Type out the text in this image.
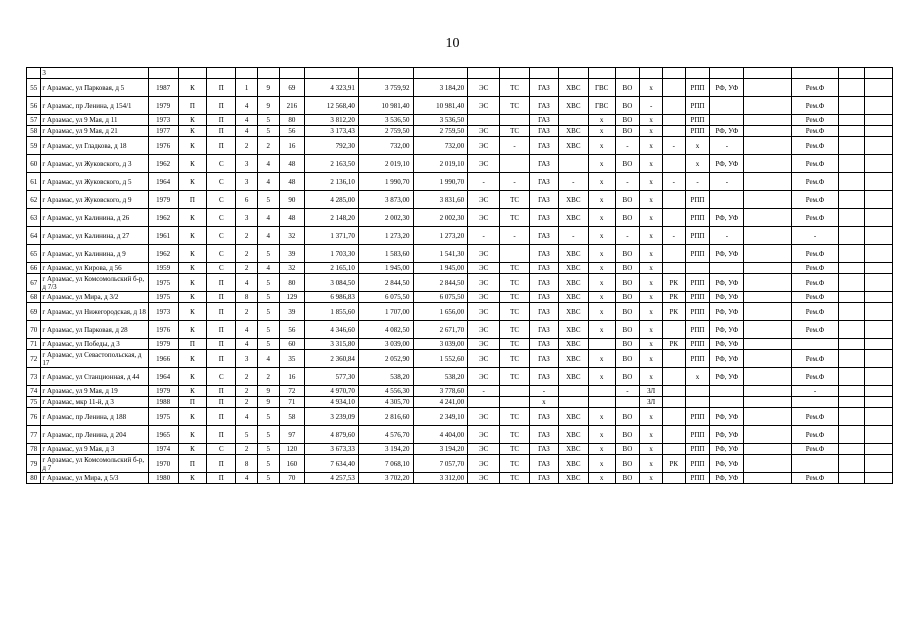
10
	3																							
55	г Арзамас, ул Парковая, д 5	1987	К	П	1	9	69	4 323,91	3 759,92	3 184,20	ЭС	ТС	ГАЗ	ХВС	ГВС	ВО	х		РПП	РФ, УФ		Рем.Ф		
56	г Арзамас, пр Ленина, д 154/1	1979	П	П	4	9	216	12 568,40	10 981,40	10 981,40	ЭС	ТС	ГАЗ	ХВС	ГВС	ВО	-		РПП			Рем.Ф		
57	г Арзамас, ул 9 Мая, д 11	1973	К	П	4	5	80	3 812,20	3 536,50	3 536,50			ГАЗ		х	ВО	х		РПП			Рем.Ф		
58	г Арзамас, ул 9 Мая, д 21	1977	К	П	4	5	56	3 173,43	2 759,50	2 759,50	ЭС	ТС	ГАЗ	ХВС	х	ВО	х		РПП	РФ, УФ		Рем.Ф		
59	г Арзамас, ул Гладкова, д 18	1976	К	П	2	2	16	792,30	732,00	732,00	ЭС	-	ГАЗ	ХВС	х	-	х	-	х	-		Рем.Ф		
60	г Арзамас, ул Жуковского, д 3	1962	К	С	3	4	48	2 163,50	2 019,10	2 019,10	ЭС		ГАЗ		х	ВО	х		х	РФ, УФ		Рем.Ф		
61	г Арзамас, ул Жуковского, д 5	1964	К	С	3	4	48	2 136,10	1 990,70	1 990,70	-	-	ГАЗ	-	х	-	х	-	-	-		Рем.Ф		
62	г Арзамас, ул Жуковского, д 9	1979	П	С	6	5	90	4 285,00	3 873,00	3 831,60	ЭС	ТС	ГАЗ	ХВС	х	ВО	х		РПП			Рем.Ф		
63	г Арзамас, ул Калинина, д 26	1962	К	С	3	4	48	2 148,20	2 002,30	2 002,30	ЭС	ТС	ГАЗ	ХВС	х	ВО	х		РПП	РФ, УФ		Рем.Ф		
64	г Арзамас, ул Калинина, д 27	1961	К	С	2	4	32	1 371,70	1 273,20	1 273,20	-	-	ГАЗ	-	х	-	х	-	РПП	-		-		
65	г Арзамас, ул Калинина, д 9	1962	К	С	2	5	39	1 703,30	1 583,60	1 541,30	ЭС		ГАЗ	ХВС	х	ВО	х		РПП	РФ, УФ		Рем.Ф		
66	г Арзамас, ул Кирова, д 56	1959	К	С	2	4	32	2 165,10	1 945,00	1 945,00	ЭС	ТС	ГАЗ	ХВС	х	ВО	х					Рем.Ф		
67	г Арзамас, ул Комсомольский б-р, д 7/3	1975	К	П	4	5	80	3 084,50	2 844,50	2 844,50	ЭС	ТС	ГАЗ	ХВС	х	ВО	х	РК	РПП	РФ, УФ		Рем.Ф		
68	г Арзамас, ул Мира, д 3/2	1975	К	П	8	5	129	6 986,83	6 075,50	6 075,50	ЭС	ТС	ГАЗ	ХВС	х	ВО	х	РК	РПП	РФ, УФ		Рем.Ф		
69	г Арзамас, ул Нижегородская, д 18	1973	К	П	2	5	39	1 855,60	1 707,00	1 656,00	ЭС	ТС	ГАЗ	ХВС	х	ВО	х	РК	РПП	РФ, УФ		Рем.Ф		
70	г Арзамас, ул Парковая, д 28	1976	К	П	4	5	56	4 346,60	4 082,50	2 671,70	ЭС	ТС	ГАЗ	ХВС	х	ВО	х		РПП	РФ, УФ		Рем.Ф		
71	г Арзамас, ул Победы, д 3	1979	П	П	4	5	60	3 315,80	3 039,00	3 039,00	ЭС	ТС	ГАЗ	ХВС		ВО	х	РК	РПП	РФ, УФ				
72	г Арзамас, ул Севастопольская, д 17	1966	К	П	3	4	35	2 360,84	2 052,90	1 552,60	ЭС	ТС	ГАЗ	ХВС	х	ВО	х		РПП	РФ, УФ		Рем.Ф		
73	г Арзамас, ул Станционная, д 44	1964	К	С	2	2	16	577,30	538,20	538,20	ЭС	ТС	ГАЗ	ХВС	х	ВО	х		х	РФ, УФ		Рем.Ф		
74	г Арзамас, ул 9 Мая, д 19	1979	К	П	2	9	72	4 970,70	4 556,30	3 778,60	-		-			-	ЗЛ					-		
75	г Арзамас, мкр 11-й, д 3	1988	П	П	2	9	71	4 934,10	4 305,70	4 241,00			х				ЗЛ							
76	г Арзамас, пр Ленина, д 188	1975	К	П	4	5	58	3 239,09	2 816,60	2 349,10	ЭС	ТС	ГАЗ	ХВС	х	ВО	х		РПП	РФ, УФ		Рем.Ф		
77	г Арзамас, пр Ленина, д 204	1965	К	П	5	5	97	4 879,60	4 576,70	4 404,00	ЭС	ТС	ГАЗ	ХВС	х	ВО	х		РПП	РФ, УФ		Рем.Ф		
78	г Арзамас, ул 9 Мая, д 3	1974	К	С	2	5	120	3 673,33	3 194,20	3 194,20	ЭС	ТС	ГАЗ	ХВС	х	ВО	х		РПП	РФ, УФ		Рем.Ф		
79	г Арзамас, ул Комсомольский б-р, д 7	1970	П	П	8	5	160	7 634,40	7 068,10	7 057,70	ЭС	ТС	ГАЗ	ХВС	х	ВО	х	РК	РПП	РФ, УФ				
80	г Арзамас, ул Мира, д 5/3	1980	К	П	4	5	70	4 257,53	3 702,20	3 312,00	ЭС	ТС	ГАЗ	ХВС	х	ВО	х		РПП	РФ, УФ		Рем.Ф		
